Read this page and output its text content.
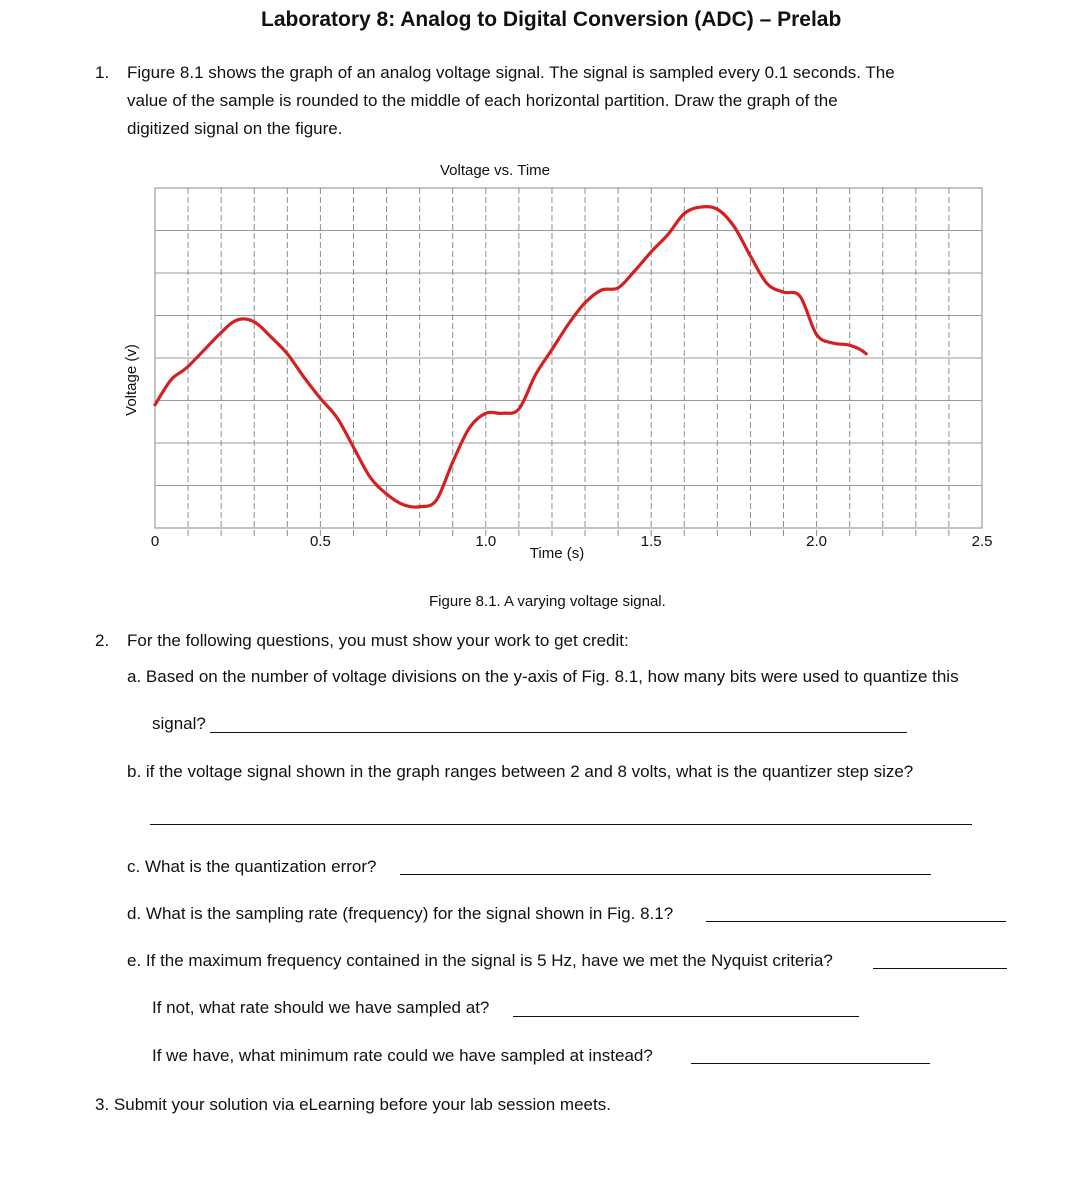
Laboratory 8: Analog to Digital Conversion (ADC) – Prelab
1. Figure 8.1 shows the graph of an analog voltage signal. The signal is sampled every 0.1 seconds. The
value of the sample is rounded to the middle of each horizontal partition. Draw the graph of the
digitized signal on the figure.
Voltage vs. Time
0	0.5	1.0	1.5	2.0	2.5
Time (s)
Voltage (v)
Figure 8.1. A varying voltage signal.
2. For the following questions, you must show your work to get credit:
a. Based on the number of voltage divisions on the y-axis of Fig. 8.1, how many bits were used to quantize this
signal?
b. if the voltage signal shown in the graph ranges between 2 and 8 volts, what is the quantizer step size?
c. What is the quantization error?
d. What is the sampling rate (frequency) for the signal shown in Fig. 8.1?
e. If the maximum frequency contained in the signal is 5 Hz, have we met the Nyquist criteria?
If not, what rate should we have sampled at?
If we have, what minimum rate could we have sampled at instead?
3. Submit your solution via eLearning before your lab session meets.
